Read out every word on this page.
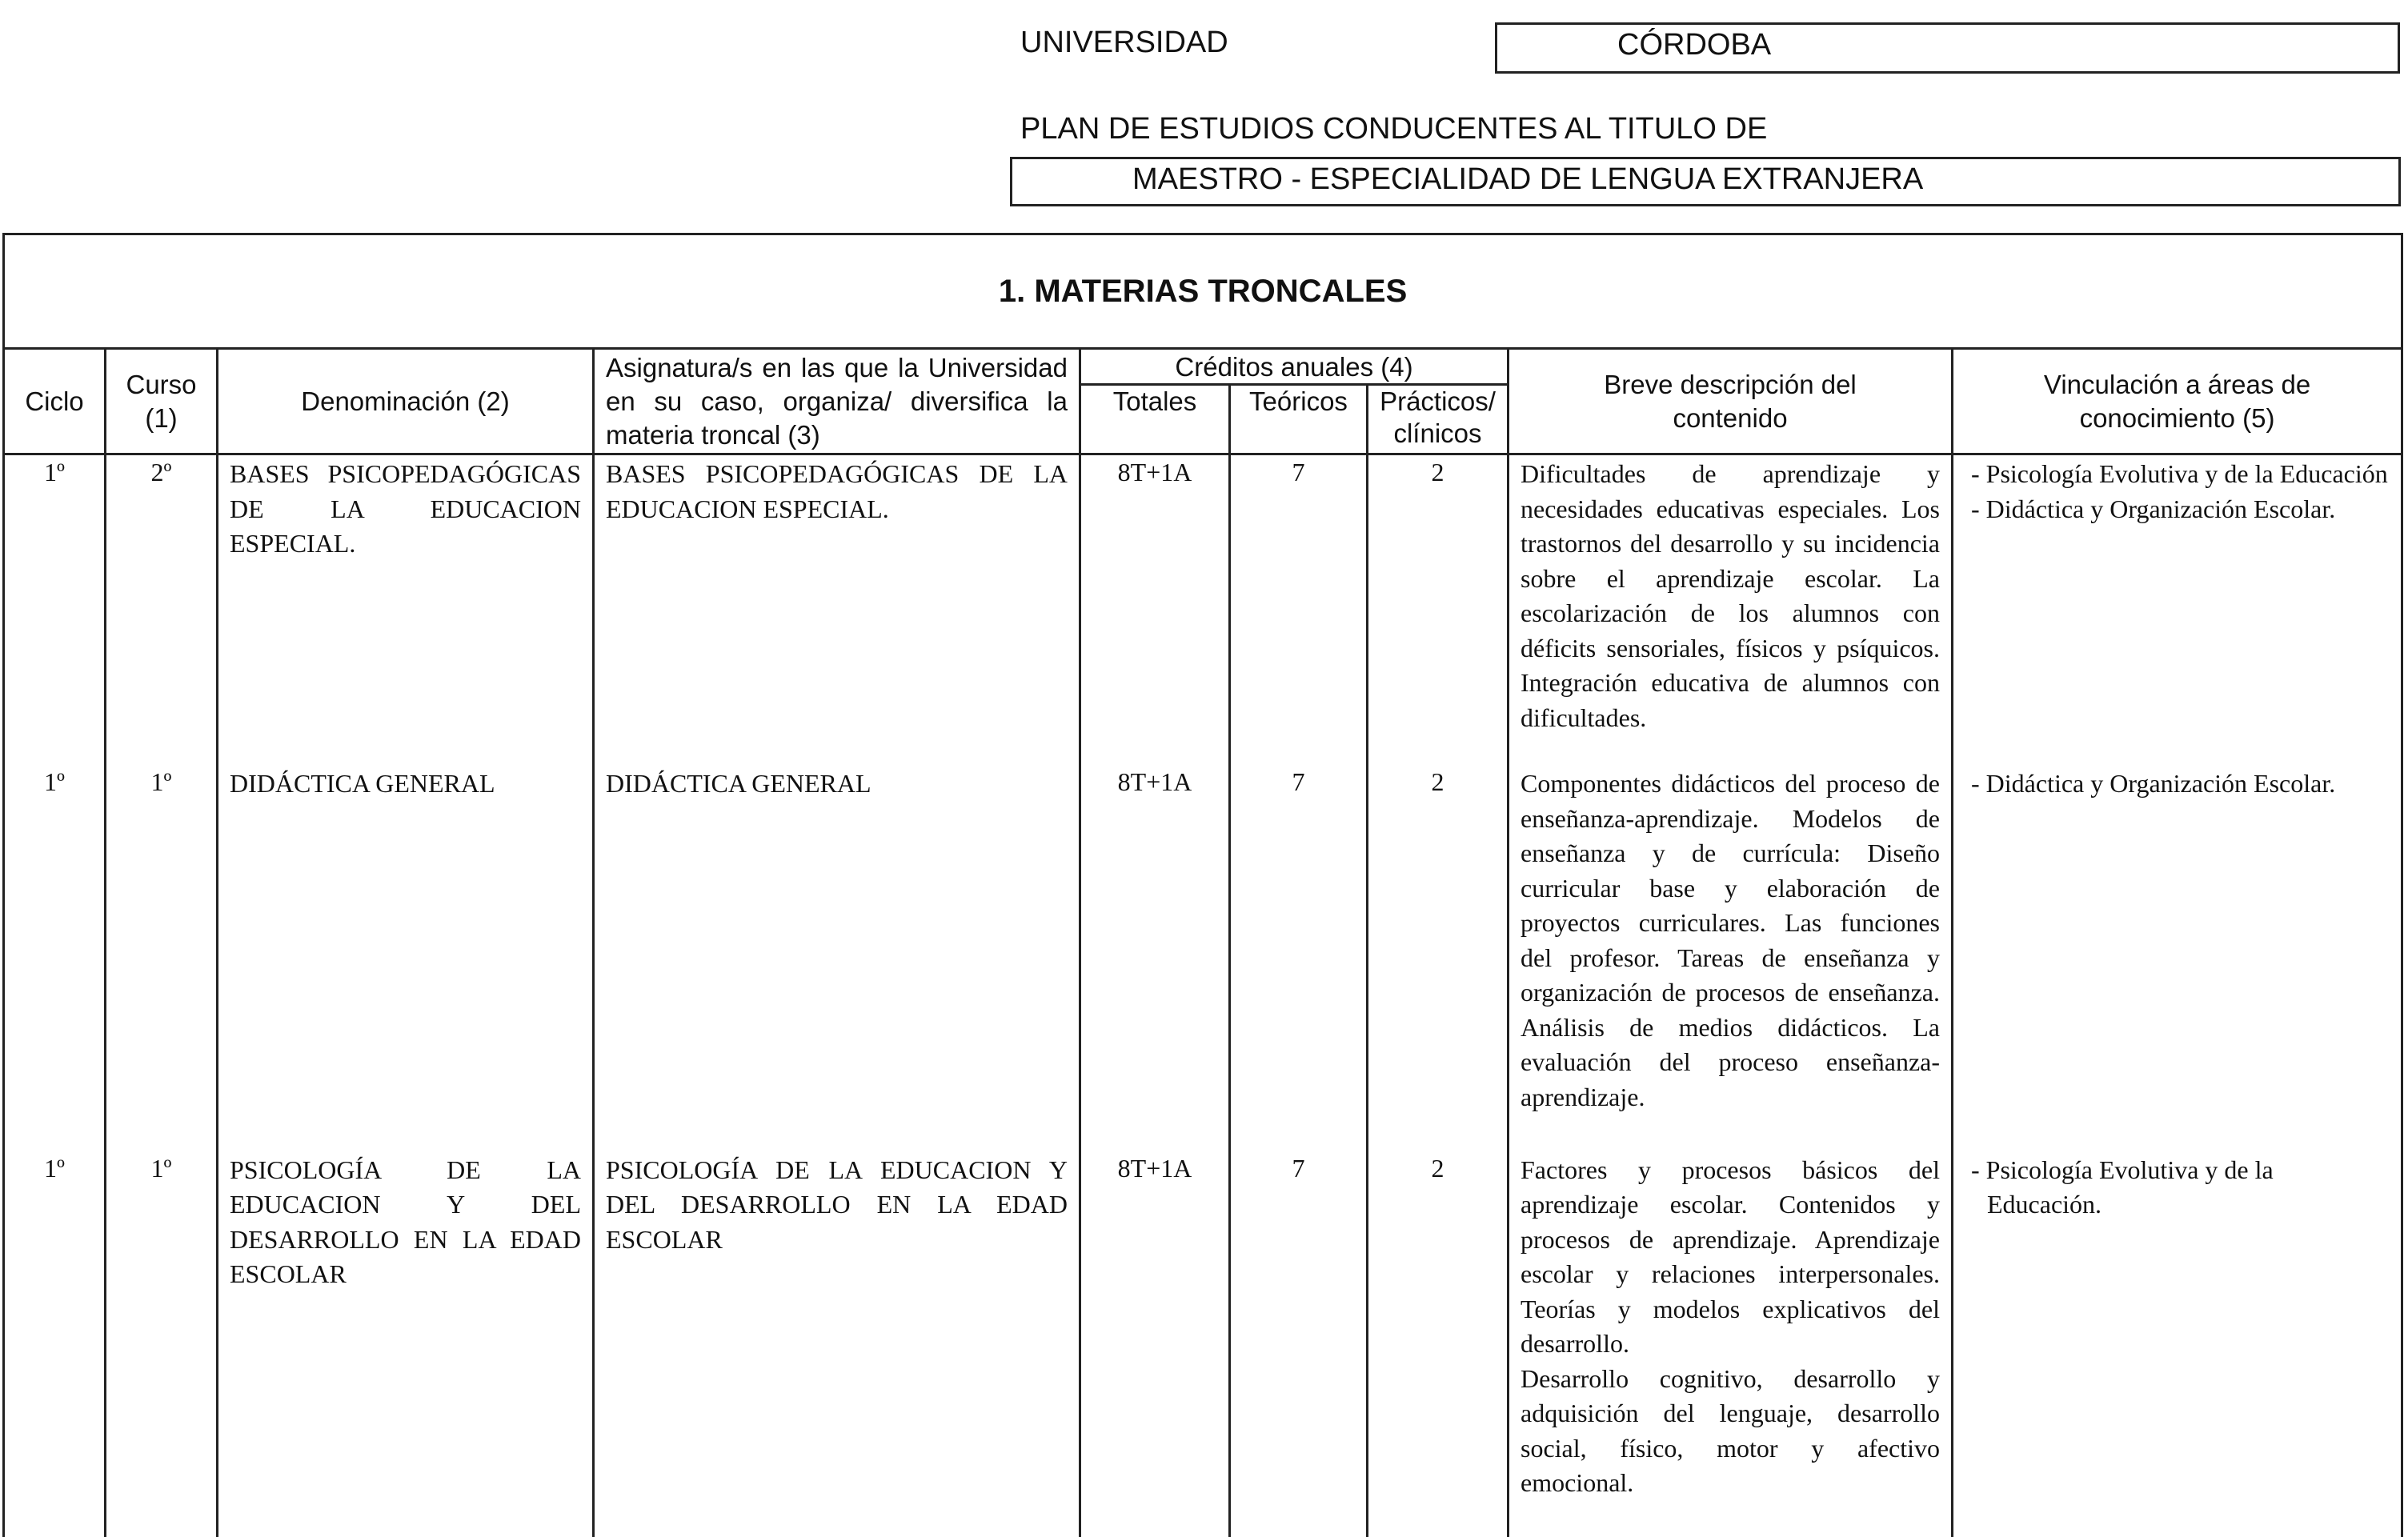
UNIVERSIDAD	CÓRDOBA
PLAN DE ESTUDIOS CONDUCENTES AL TITULO DE
MAESTRO - ESPECIALIDAD DE LENGUA EXTRANJERA
1. MATERIAS TRONCALES								
Ciclo	Curso (1)	Denominación (2)	Asignatura/s en las que la Universidad en su caso, organiza/ diversifica la materia troncal (3)	Créditos anuales (4)			Breve descripción del contenido	Vinculación a áreas de conocimiento (5)
				Totales	Teóricos	Prácticos/ clínicos		
1º	2º	BASES PSICOPEDAGÓGICAS DE LA EDUCACION ESPECIAL.	BASES PSICOPEDAGÓGICAS DE LA EDUCACION ESPECIAL.	8T+1A	7	2	Dificultades de aprendizaje y necesidades educativas especiales. Los trastornos del desarrollo y su incidencia sobre el aprendizaje escolar. La escolarización de los alumnos con déficits sensoriales, físicos y psíquicos. Integración educativa de alumnos con dificultades.	- Psicología Evolutiva y de la Educación
- Didáctica y Organización Escolar.

1º	1º	DIDÁCTICA GENERAL	DIDÁCTICA GENERAL	8T+1A	7	2	Componentes didácticos del proceso de enseñanza-aprendizaje. Modelos de enseñanza y de currícula: Diseño curricular base y elaboración de proyectos curriculares. Las funciones del profesor. Tareas de enseñanza y organización de procesos de enseñanza. Análisis de medios didácticos. La evaluación del proceso enseñanza-aprendizaje.	- Didáctica y Organización Escolar.

1º	1º	PSICOLOGÍA DE LA EDUCACION Y DEL DESARROLLO EN LA EDAD ESCOLAR	PSICOLOGÍA DE LA EDUCACION Y DEL DESARROLLO EN LA EDAD ESCOLAR	8T+1A	7	2	Factores y procesos básicos del aprendizaje escolar. Contenidos y procesos de aprendizaje. Aprendizaje escolar y relaciones interpersonales. Teorías y modelos explicativos del desarrollo.
Desarrollo cognitivo, desarrollo y adquisición del lenguaje, desarrollo social, físico, motor y afectivo emocional.	- Psicología Evolutiva y de la Educación.
